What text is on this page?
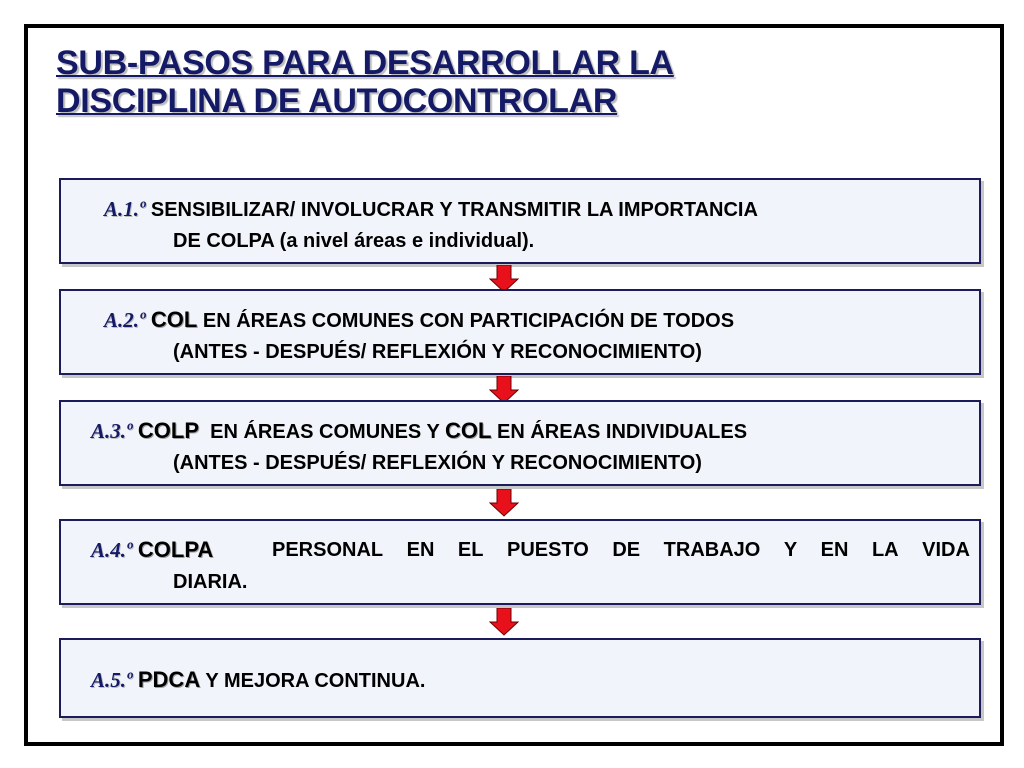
SUB-PASOS PARA DESARROLLAR LA
DISCIPLINA DE AUTOCONTROLAR
A.1.º SENSIBILIZAR/ INVOLUCRAR Y TRANSMITIR LA IMPORTANCIA
DE COLPA (a nivel áreas e individual).
A.2.º COL EN ÁREAS COMUNES CON PARTICIPACIÓN DE TODOS
(ANTES - DESPUÉS/ REFLEXIÓN Y RECONOCIMIENTO)
A.3.º COLP EN ÁREAS COMUNES Y COL EN ÁREAS INDIVIDUALES
(ANTES - DESPUÉS/ REFLEXIÓN Y RECONOCIMIENTO)
A.4.º COLPA	PERSONAL EN EL PUESTO DE TRABAJO Y EN LA VIDA
DIARIA.
A.5.º PDCA Y MEJORA CONTINUA.
